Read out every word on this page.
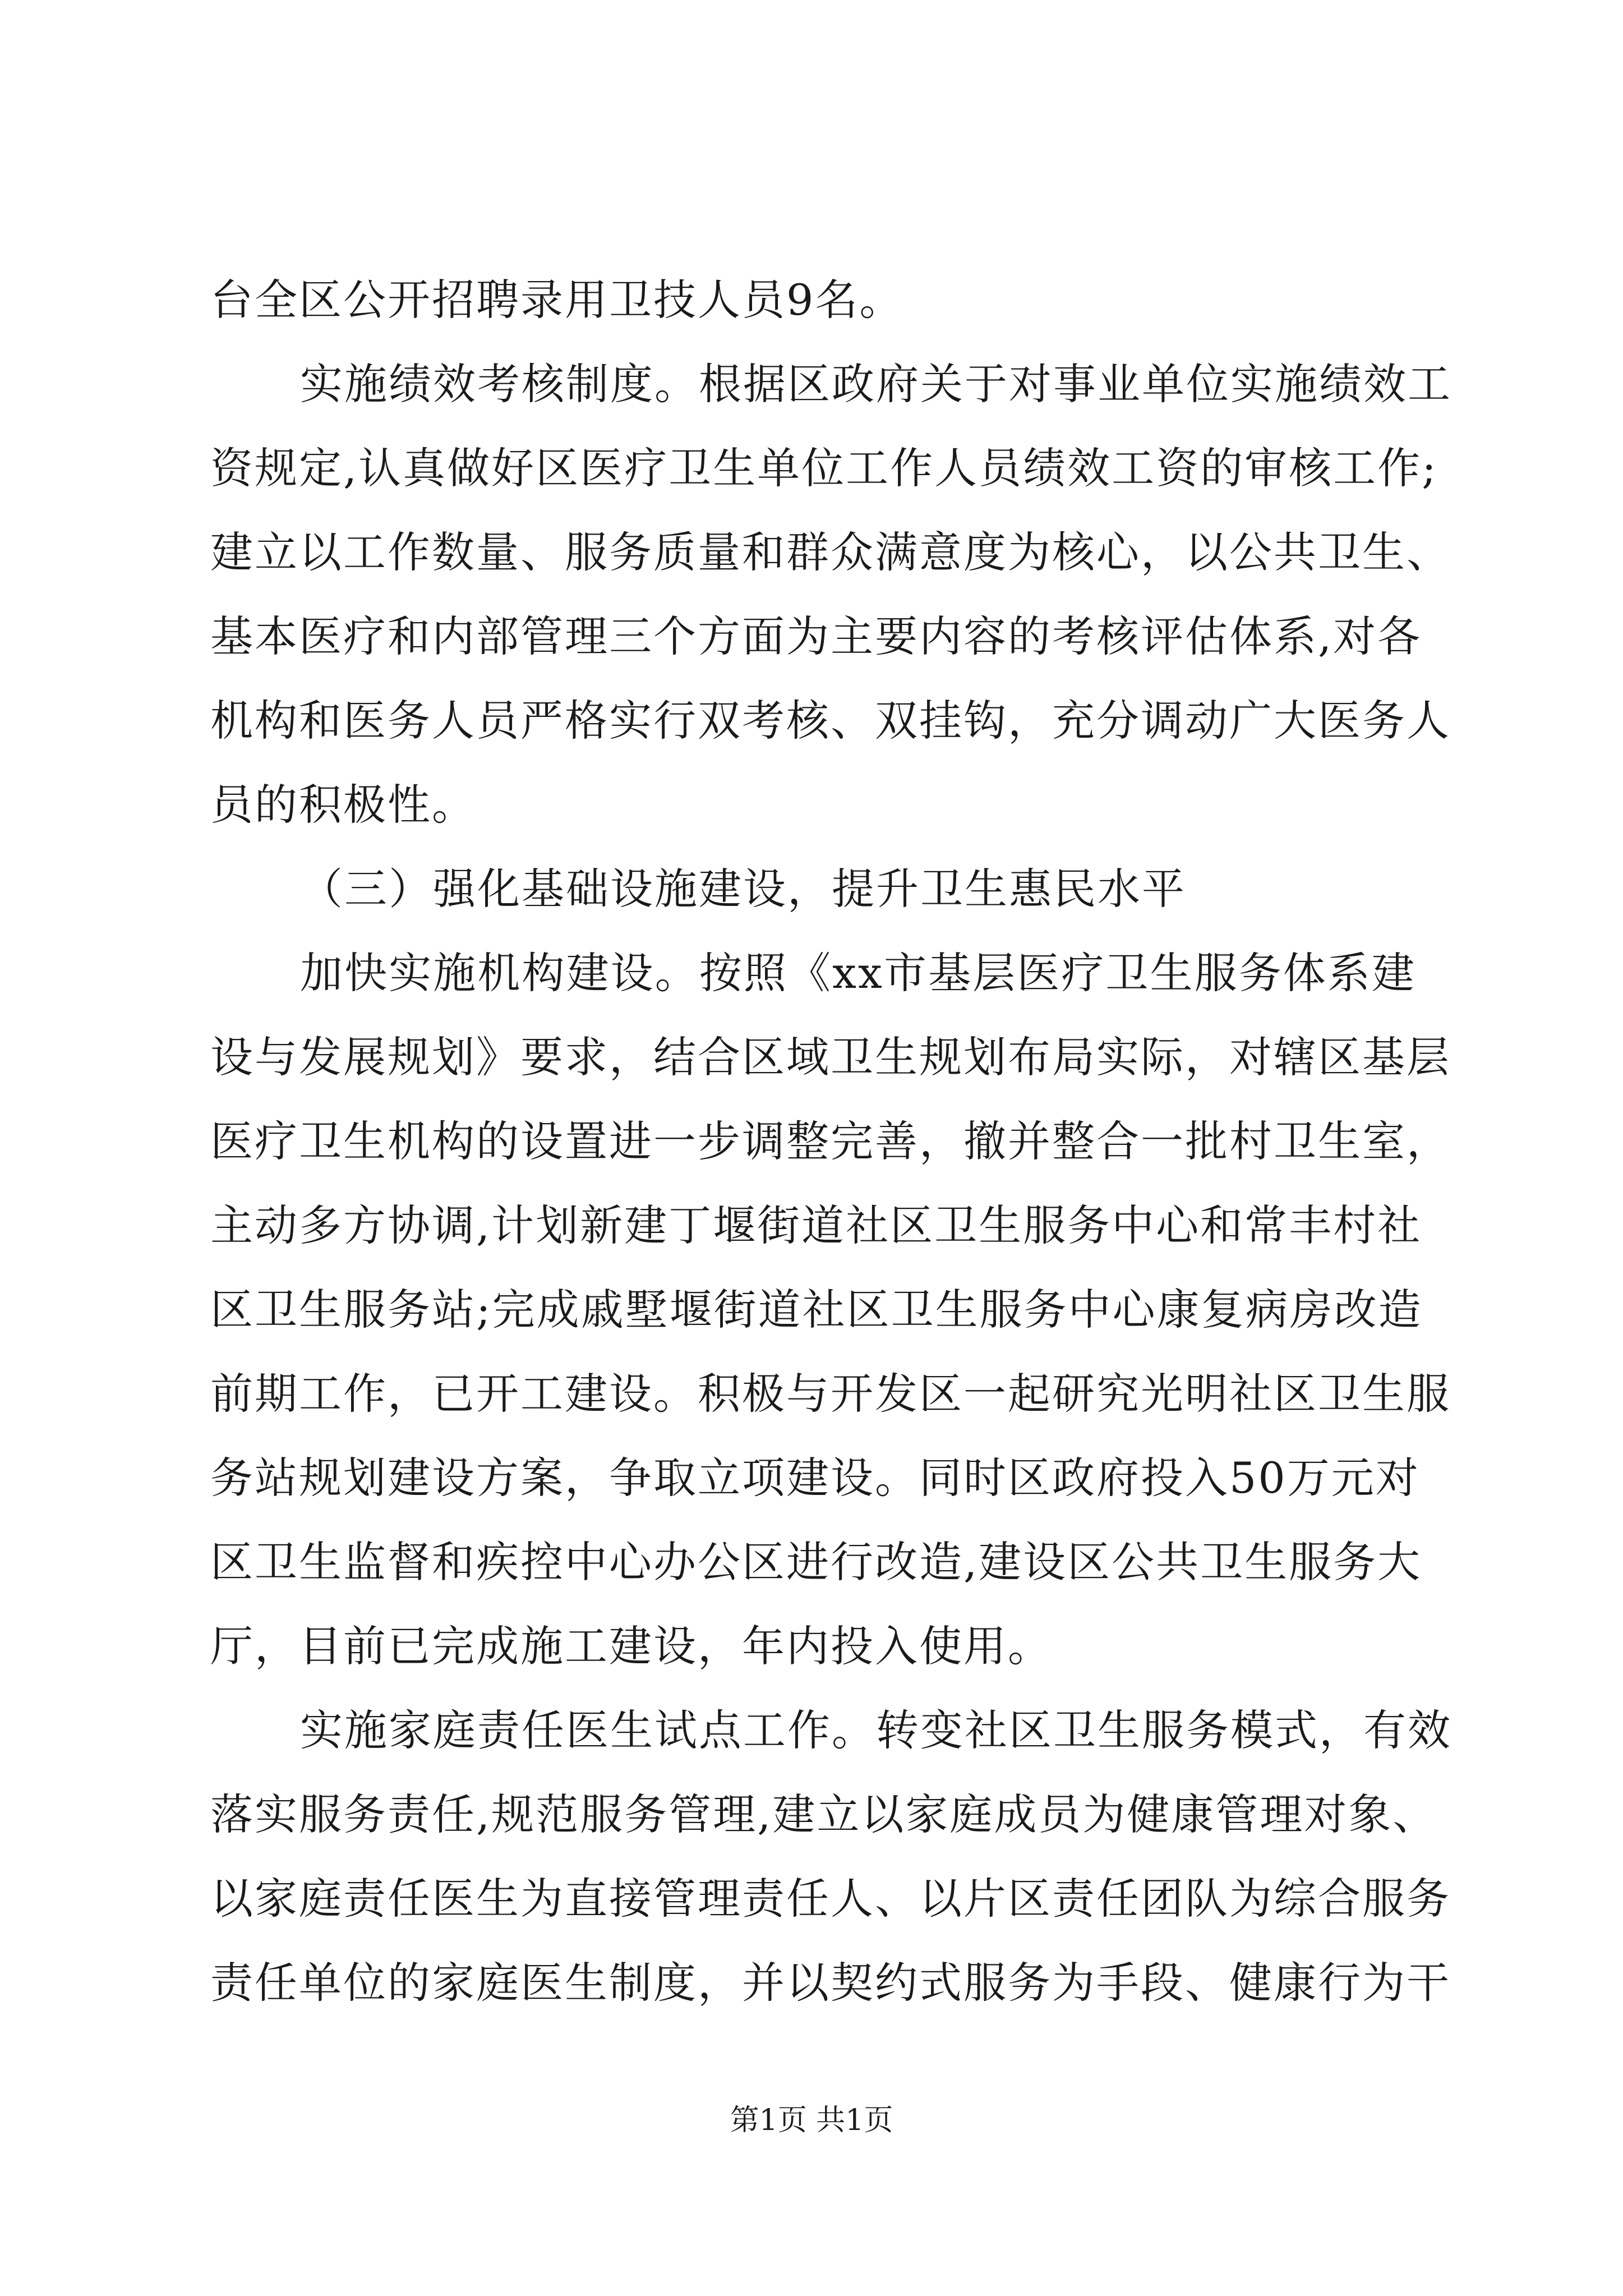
台全区公开招聘录用卫技人员9名。
实施绩效考核制度。根据区政府关于对事业单位实施绩效工
资规定,认真做好区医疗卫生单位工作人员绩效工资的审核工作;
建立以工作数量、服务质量和群众满意度为核心，以公共卫生、
基本医疗和内部管理三个方面为主要内容的考核评估体系,对各
机构和医务人员严格实行双考核、双挂钩，充分调动广大医务人
员的积极性。
（三）强化基础设施建设，提升卫生惠民水平
加快实施机构建设。按照《xx市基层医疗卫生服务体系建
设与发展规划》要求，结合区域卫生规划布局实际，对辖区基层
医疗卫生机构的设置进一步调整完善，撤并整合一批村卫生室，
主动多方协调,计划新建丁堰街道社区卫生服务中心和常丰村社
区卫生服务站;完成戚墅堰街道社区卫生服务中心康复病房改造
前期工作，已开工建设。积极与开发区一起研究光明社区卫生服
务站规划建设方案，争取立项建设。同时区政府投入50万元对
区卫生监督和疾控中心办公区进行改造,建设区公共卫生服务大
厅，目前已完成施工建设，年内投入使用。
实施家庭责任医生试点工作。转变社区卫生服务模式，有效
落实服务责任,规范服务管理,建立以家庭成员为健康管理对象、
以家庭责任医生为直接管理责任人、以片区责任团队为综合服务
责任单位的家庭医生制度，并以契约式服务为手段、健康行为干
第1页 共1页
